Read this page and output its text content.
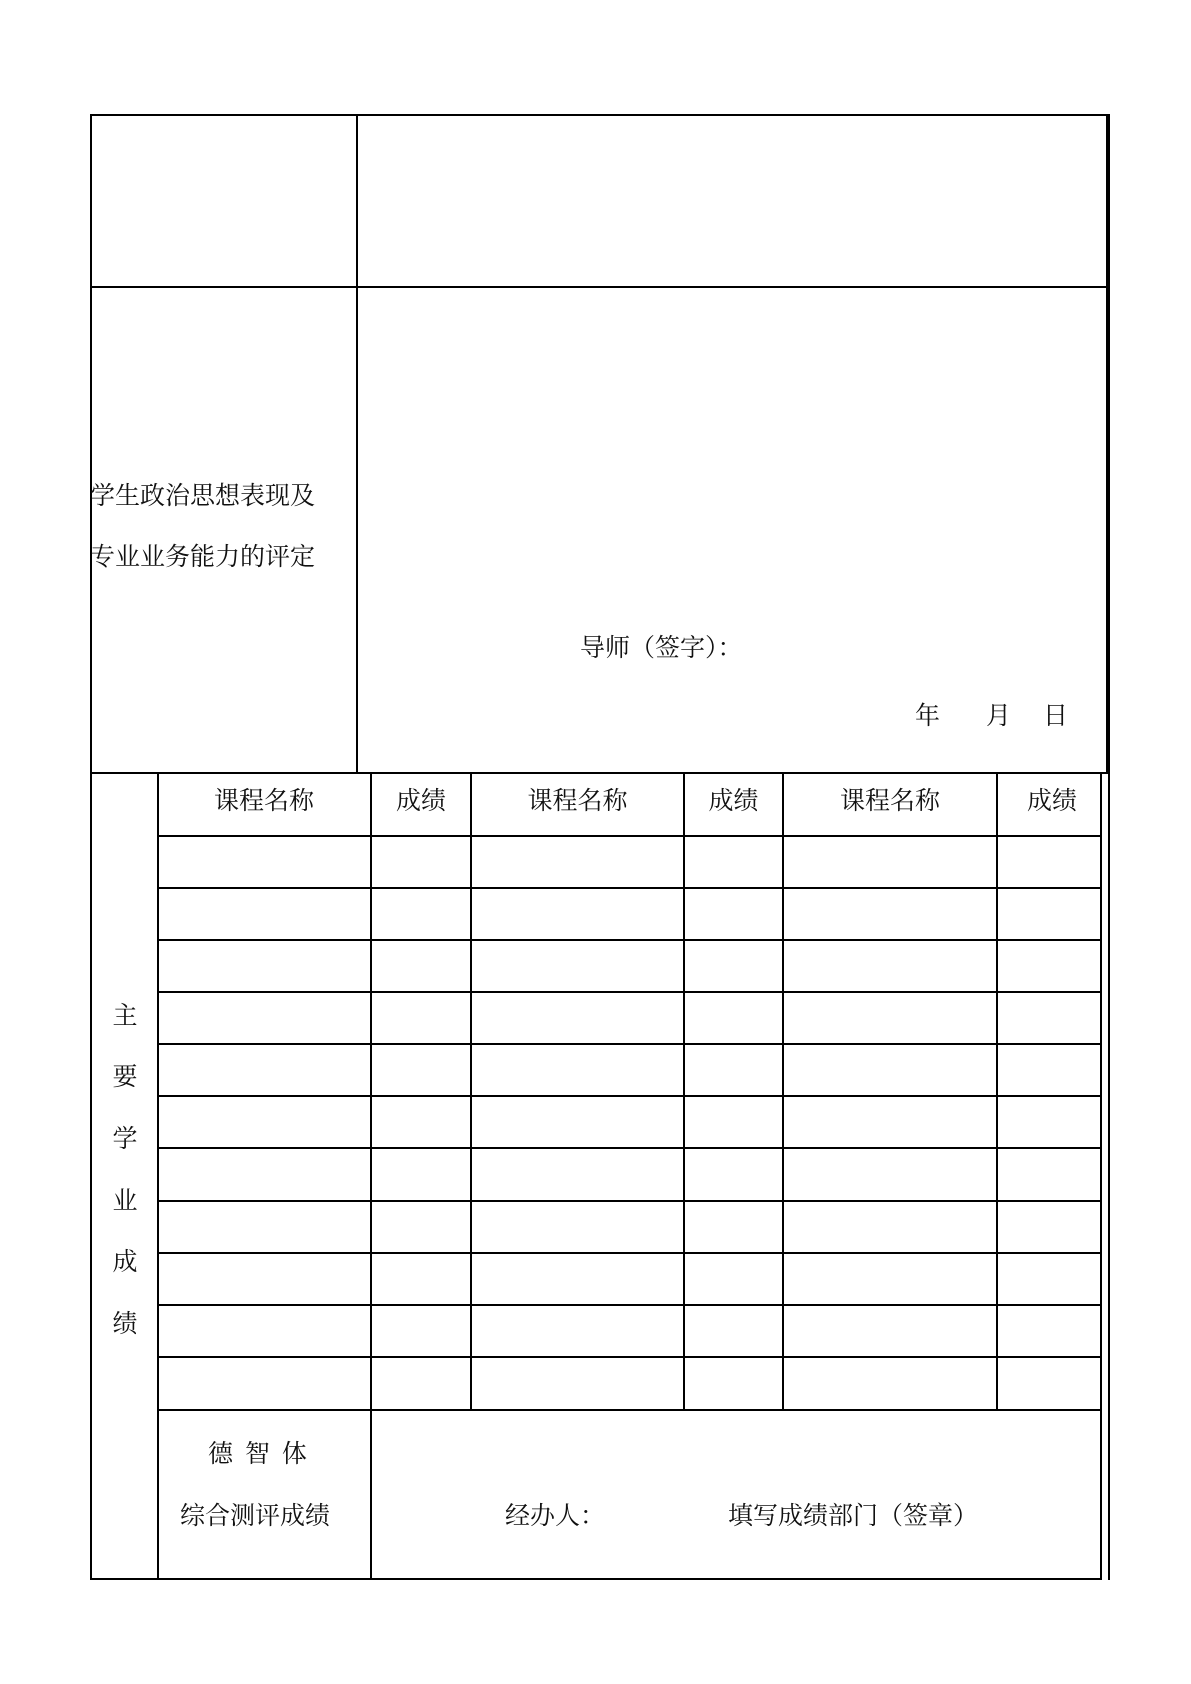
学生政治思想表现及
专业业务能力的评定
导师（签字）：
年 月 日
课程名称	成绩	课程名称	成绩	课程名称	成绩
主
要
学
业
成
绩
德 智 体
综合测评成绩	经办人：	填写成绩部门（签章）
